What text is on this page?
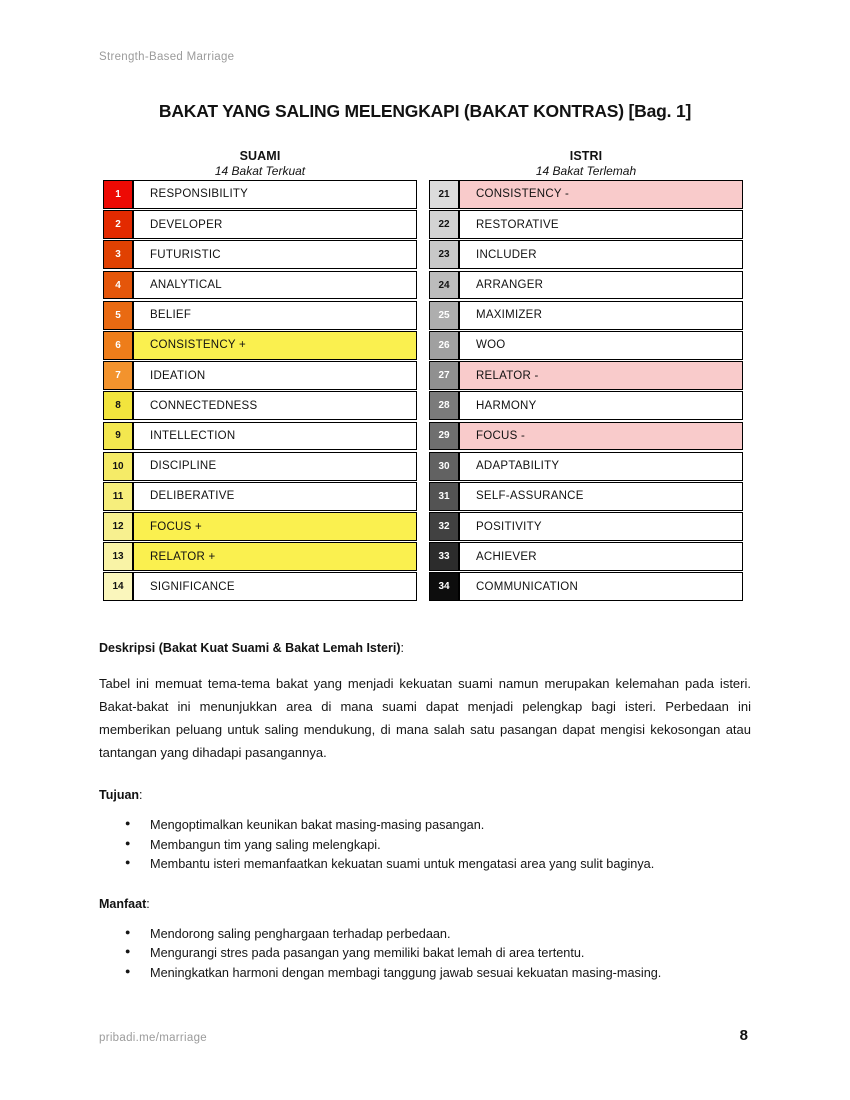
Strength-Based Marriage
BAKAT YANG SALING MELENGKAPI (BAKAT KONTRAS) [Bag. 1]
SUAMI
14 Bakat Terkuat
1	RESPONSIBILITY
2	DEVELOPER
3	FUTURISTIC
4	ANALYTICAL
5	BELIEF
6	CONSISTENCY +
7	IDEATION
8	CONNECTEDNESS
9	INTELLECTION
10	DISCIPLINE
11	DELIBERATIVE
12	FOCUS +
13	RELATOR +
14	SIGNIFICANCE
ISTRI
14 Bakat Terlemah
21	CONSISTENCY -
22	RESTORATIVE
23	INCLUDER
24	ARRANGER
25	MAXIMIZER
26	WOO
27	RELATOR -
28	HARMONY
29	FOCUS -
30	ADAPTABILITY
31	SELF-ASSURANCE
32	POSITIVITY
33	ACHIEVER
34	COMMUNICATION

Deskripsi (Bakat Kuat Suami & Bakat Lemah Isteri):

Tabel ini memuat tema-tema bakat yang menjadi kekuatan suami namun merupakan kelemahan pada isteri. Bakat-bakat ini menunjukkan area di mana suami dapat menjadi pelengkap bagi isteri. Perbedaan ini memberikan peluang untuk saling mendukung, di mana salah satu pasangan dapat mengisi kekosongan atau tantangan yang dihadapi pasangannya.

Tujuan:

● Mengoptimalkan keunikan bakat masing-masing pasangan.
● Membangun tim yang saling melengkapi.
● Membantu isteri memanfaatkan kekuatan suami untuk mengatasi area yang sulit baginya.

Manfaat:

● Mendorong saling penghargaan terhadap perbedaan.
● Mengurangi stres pada pasangan yang memiliki bakat lemah di area tertentu.
● Meningkatkan harmoni dengan membagi tanggung jawab sesuai kekuatan masing-masing.
pribadi.me/marriage	8
